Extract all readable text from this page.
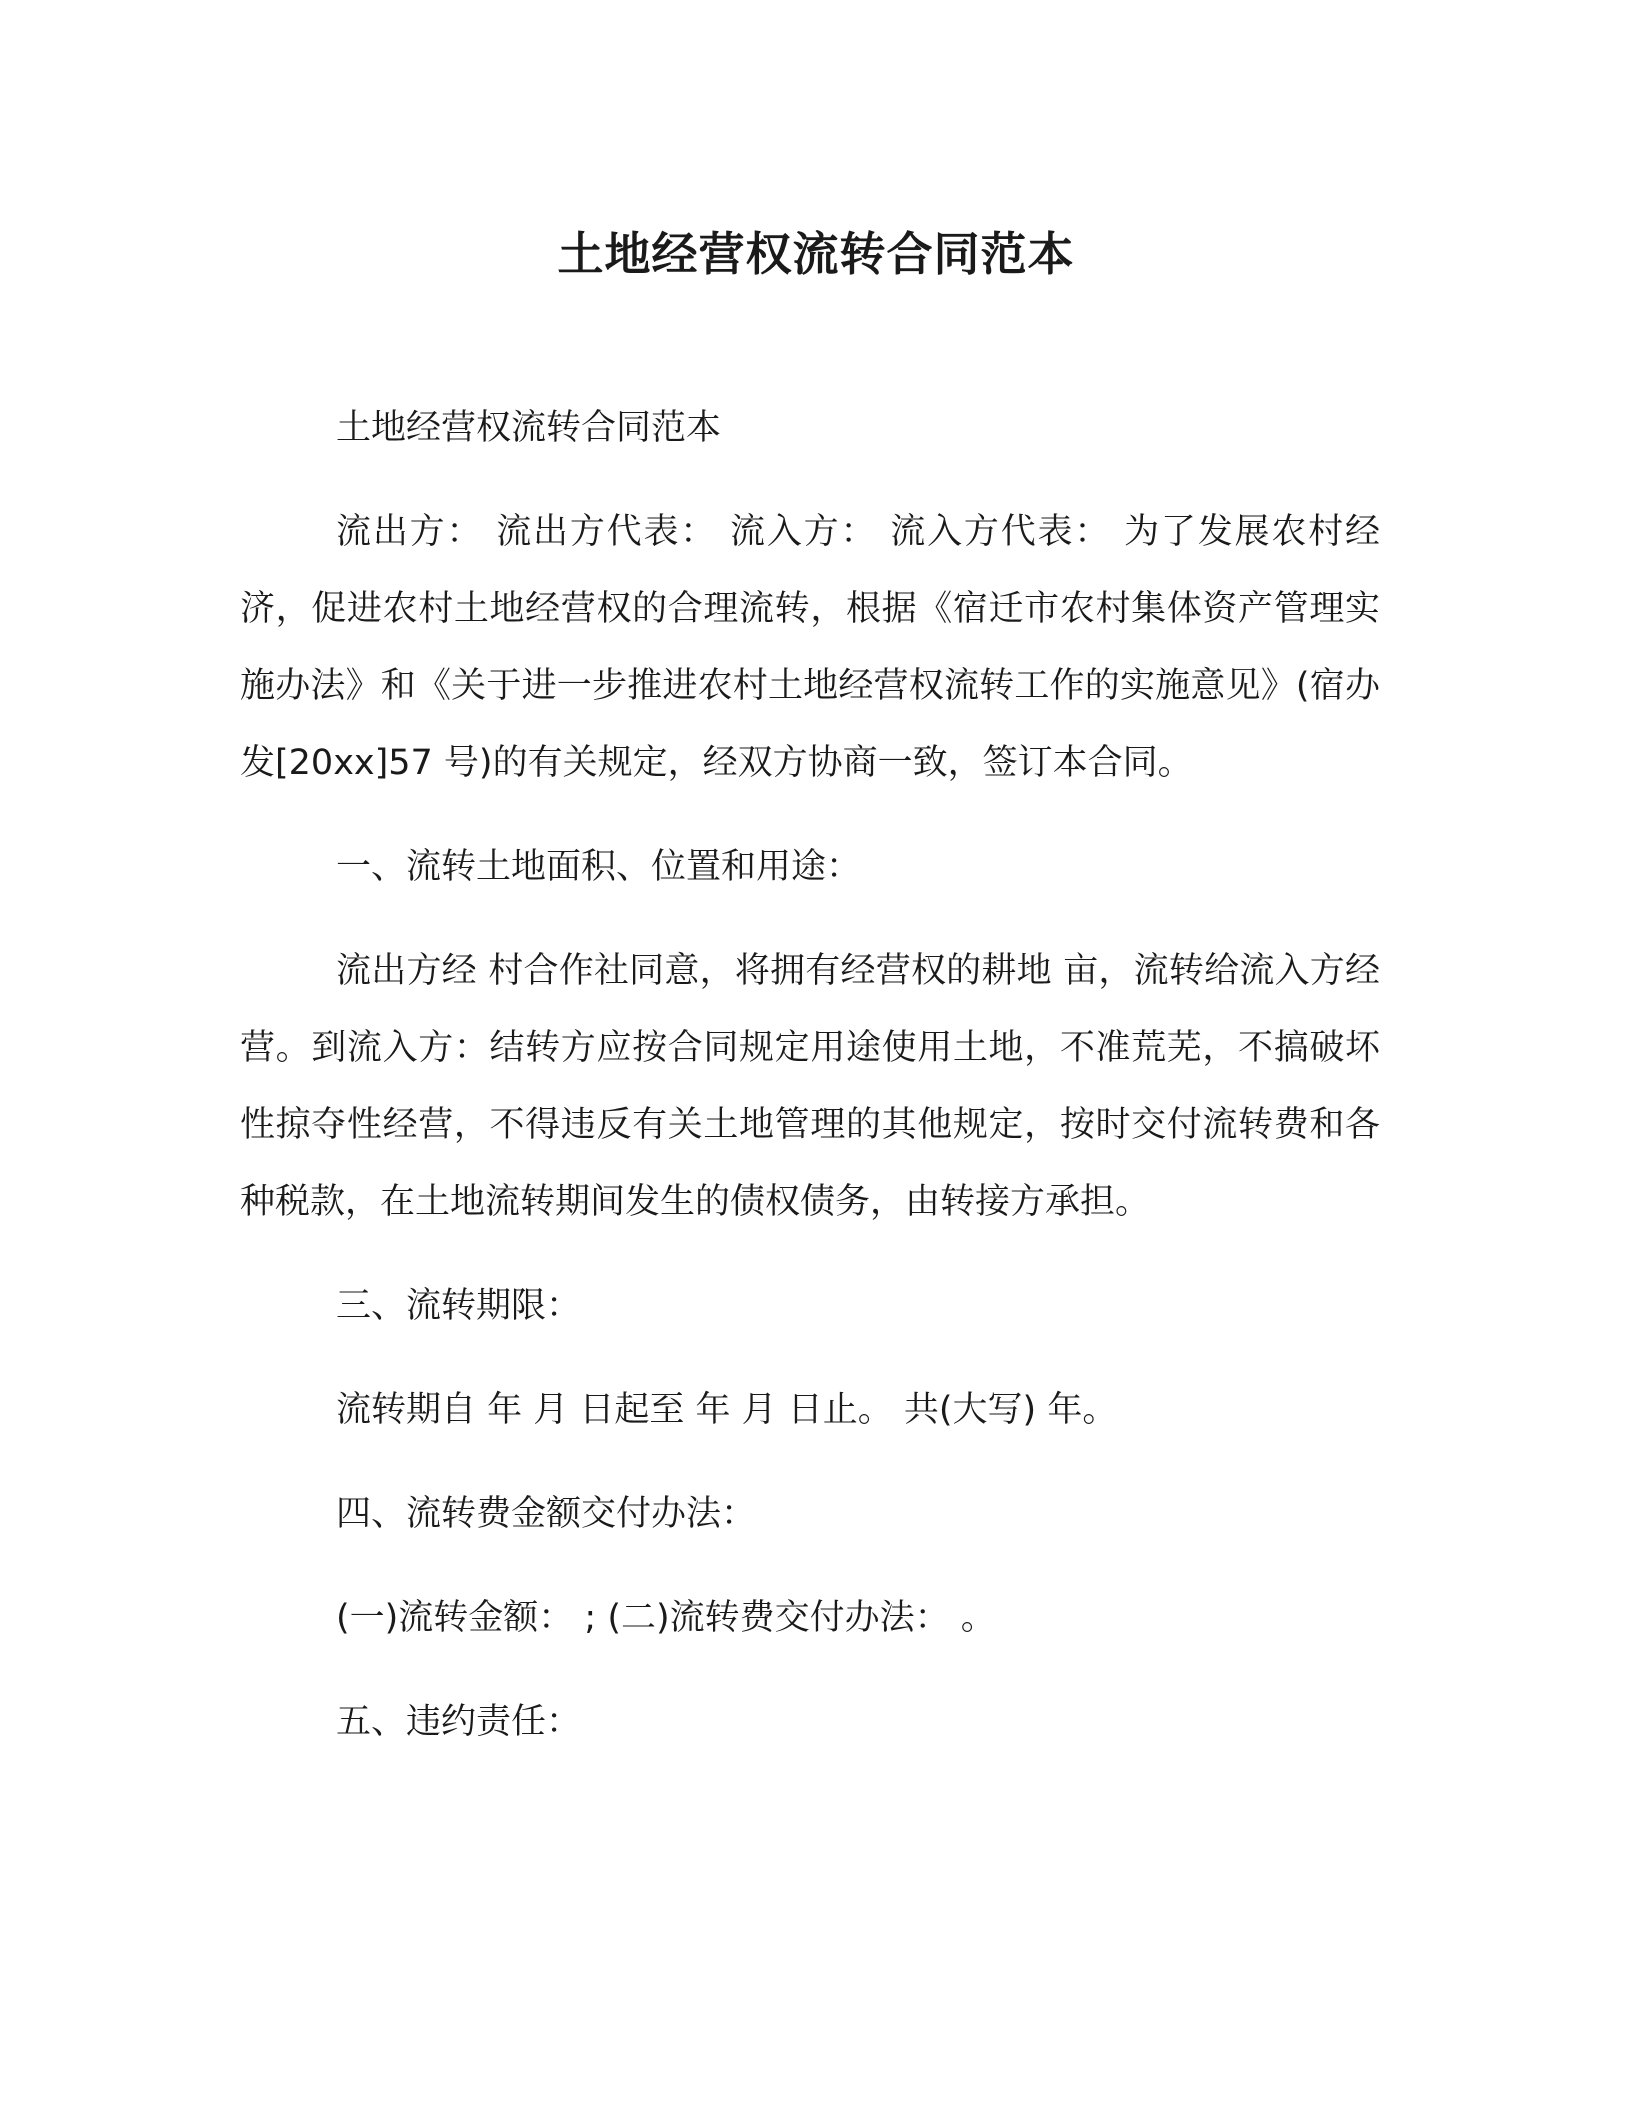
土地经营权流转合同范本

土地经营权流转合同范本

流出方： 流出方代表： 流入方： 流入方代表： 为了发展农村经济，促进农村土地经营权的合理流转，根据《宿迁市农村集体资产管理实施办法》和《关于进一步推进农村土地经营权流转工作的实施意见》(宿办发[20xx]57 号)的有关规定，经双方协商一致，签订本合同。

一、流转土地面积、位置和用途：

流出方经 村合作社同意，将拥有经营权的耕地 亩，流转给流入方经营。到流入方：结转方应按合同规定用途使用土地，不准荒芜，不搞破坏性掠夺性经营，不得违反有关土地管理的其他规定，按时交付流转费和各种税款，在土地流转期间发生的债权债务，由转接方承担。

三、流转期限：

流转期自 年 月 日起至 年 月 日止。 共(大写) 年。

四、流转费金额交付办法：

(一)流转金额： ; (二)流转费交付办法： 。

五、违约责任：
